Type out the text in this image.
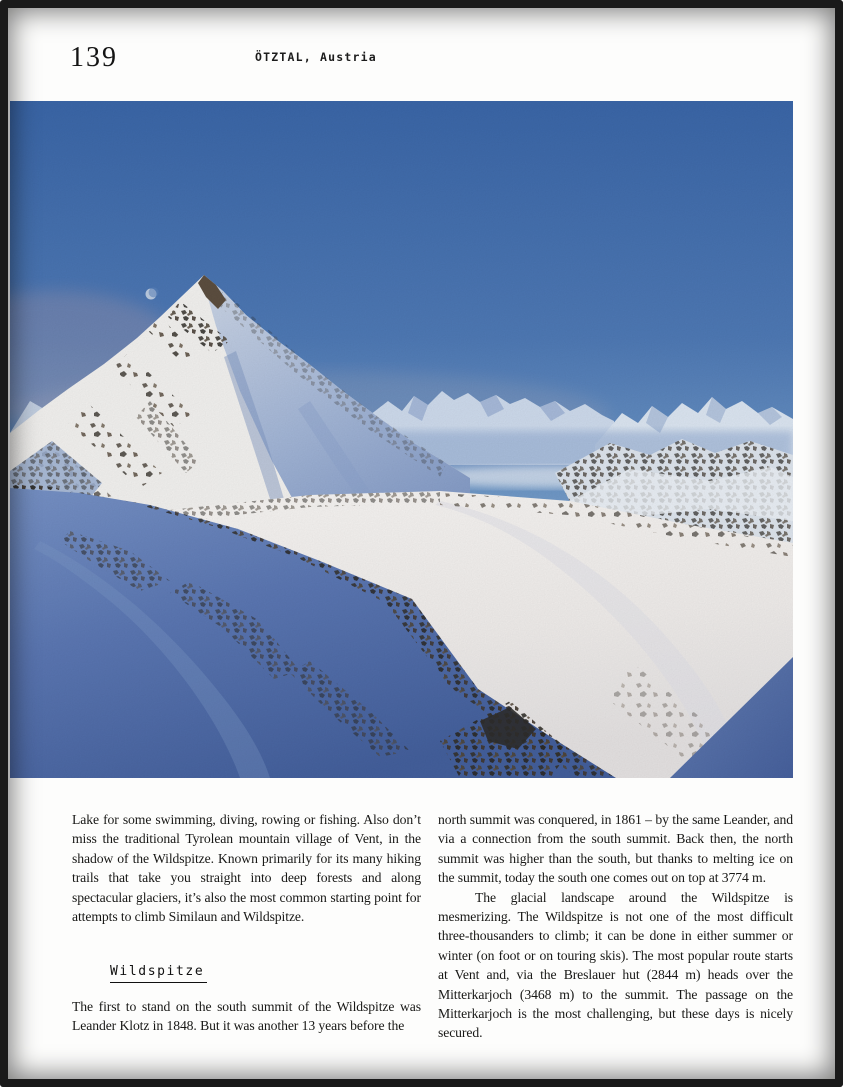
139	ÖTZTAL, Austria

Lake for some swimming, diving, rowing or fishing. Also don’t miss the traditional Tyrolean mountain village of Vent, in the shadow of the Wildspitze. Known primarily for its many hiking trails that take you straight into deep forests and along spectacular glaciers, it’s also the most common starting point for attempts to climb Similaun and Wildspitze.

Wildspitze

The first to stand on the south summit of the Wildspitze was Leander Klotz in 1848. But it was another 13 years before the

north summit was conquered, in 1861 – by the same Leander, and via a connection from the south summit. Back then, the north summit was higher than the south, but thanks to melting ice on the summit, today the south one comes out on top at 3774 m.

The glacial landscape around the Wildspitze is mesmerizing. The Wildspitze is not one of the most difficult three-thousanders to climb; it can be done in either summer or winter (on foot or on touring skis). The most popular route starts at Vent and, via the Breslauer hut (2844 m) heads over the Mitterkarjoch (3468 m) to the summit. The passage on the Mitterkarjoch is the most challenging, but these days is nicely secured.
